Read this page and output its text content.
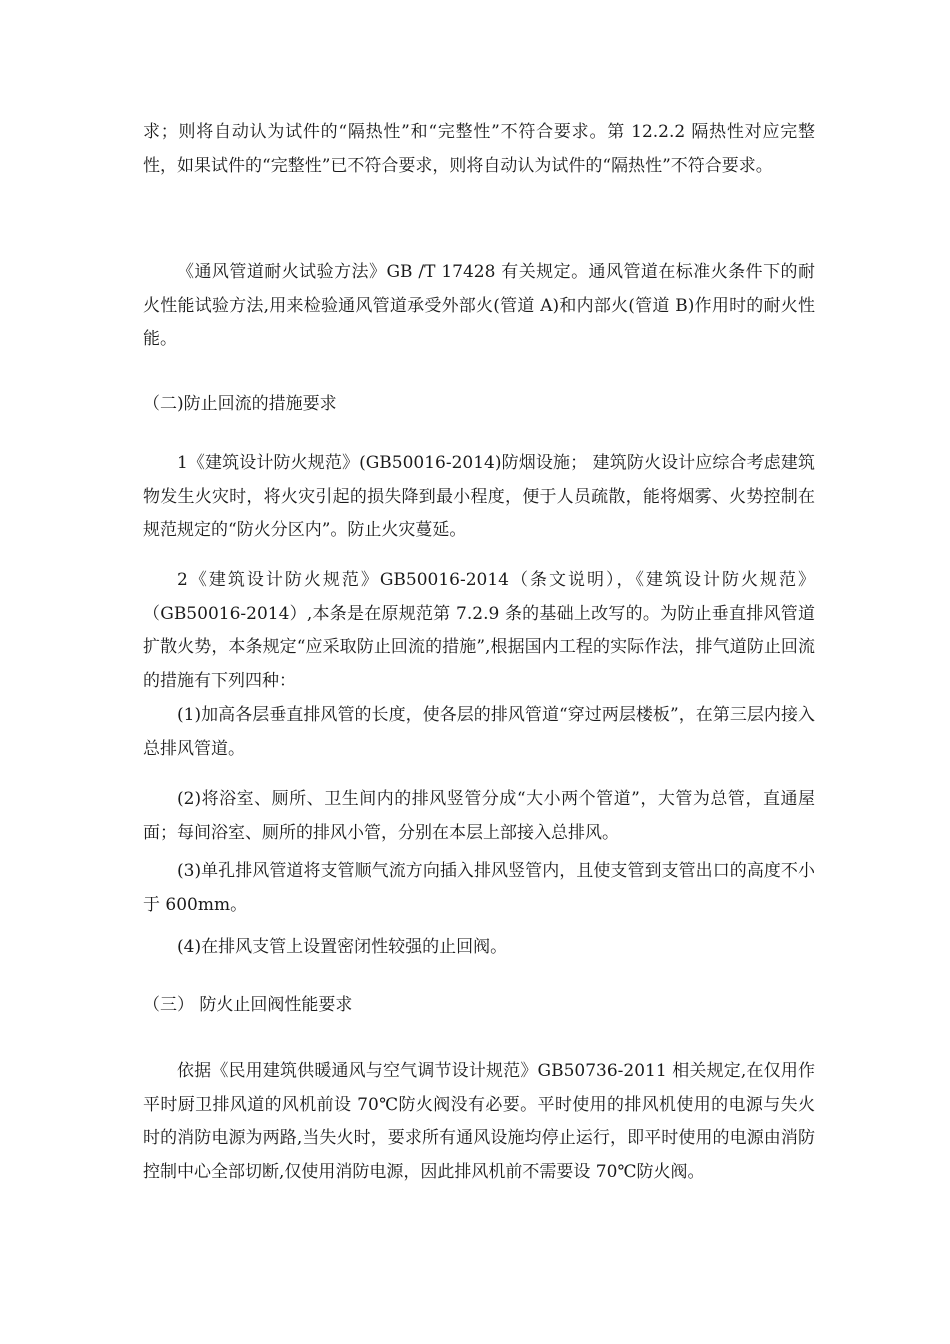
求；则将自动认为试件的“隔热性”和“完整性”不符合要求。第 12.2.2 隔热性对应完整性，如果试件的“完整性”已不符合要求，则将自动认为试件的“隔热性”不符合要求。

《通风管道耐火试验方法》GB /T 17428 有关规定。通风管道在标准火条件下的耐火性能试验方法,用来检验通风管道承受外部火(管道 A)和内部火(管道 B)作用时的耐火性能。

（二)防止回流的措施要求

1《建筑设计防火规范》(GB50016-2014)防烟设施； 建筑防火设计应综合考虑建筑物发生火灾时，将火灾引起的损失降到最小程度，便于人员疏散，能将烟雾、火势控制在规范规定的“防火分区内”。防止火灾蔓延。

2《建筑设计防火规范》GB50016-2014（条文说明），《建筑设计防火规范》（GB50016-2014）,本条是在原规范第 7.2.9 条的基础上改写的。为防止垂直排风管道扩散火势，本条规定“应采取防止回流的措施”,根据国内工程的实际作法，排气道防止回流的措施有下列四种：

(1)加高各层垂直排风管的长度，使各层的排风管道“穿过两层楼板”，在第三层内接入总排风管道。

(2)将浴室、厕所、卫生间内的排风竖管分成“大小两个管道”，大管为总管，直通屋面；每间浴室、厕所的排风小管，分别在本层上部接入总排风。

(3)单孔排风管道将支管顺气流方向插入排风竖管内，且使支管到支管出口的高度不小于 600mm。

(4)在排风支管上设置密闭性较强的止回阀。

（三） 防火止回阀性能要求

依据《民用建筑供暖通风与空气调节设计规范》GB50736-2011 相关规定,在仅用作平时厨卫排风道的风机前设 70℃防火阀没有必要。平时使用的排风机使用的电源与失火时的消防电源为两路,当失火时，要求所有通风设施均停止运行，即平时使用的电源由消防控制中心全部切断,仅使用消防电源，因此排风机前不需要设 70℃防火阀。
